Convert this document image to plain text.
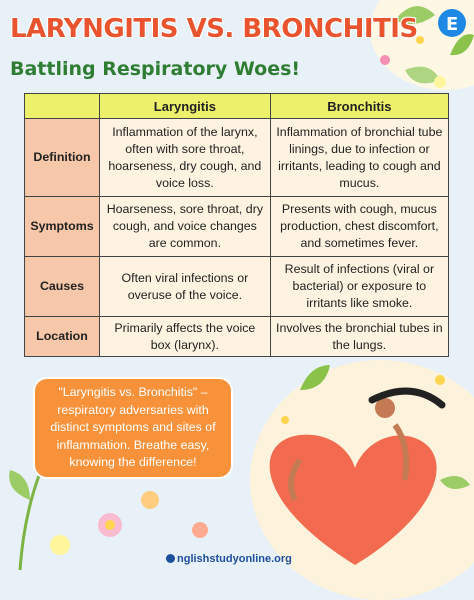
E
LARYNGITIS VS. BRONCHITIS
Battling Respiratory Woes!
	Laryngitis	Bronchitis
Definition	Inflammation of the larynx, often with sore throat, hoarseness, dry cough, and voice loss.	Inflammation of bronchial tube linings, due to infection or irritants, leading to cough and mucus.
Symptoms	Hoarseness, sore throat, dry cough, and voice changes are common.	Presents with cough, mucus production, chest discomfort, and sometimes fever.
Causes	Often viral infections or overuse of the voice.	Result of infections (viral or bacterial) or exposure to irritants like smoke.
Location	Primarily affects the voice box (larynx).	Involves the bronchial tubes in the lungs.
"Laryngitis vs. Bronchitis" – respiratory adversaries with distinct symptoms and sites of inflammation. Breathe easy, knowing the difference!
nglishstudyonline.org
